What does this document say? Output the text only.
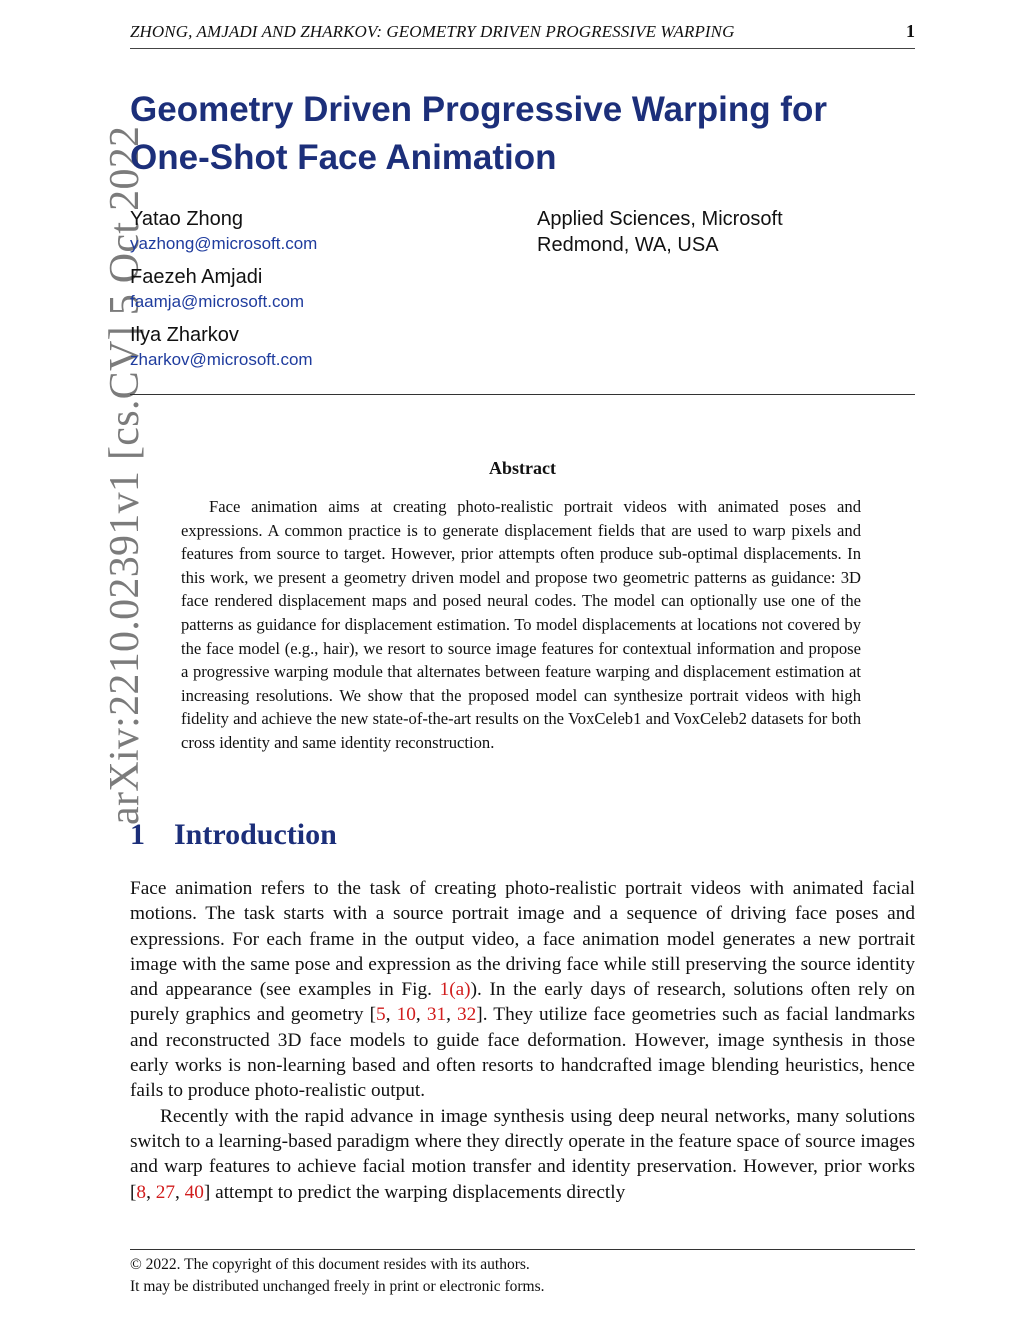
ZHONG, AMJADI AND ZHARKOV: GEOMETRY DRIVEN PROGRESSIVE WARPING	1
arXiv:2210.02391v1 [cs.CV] 5 Oct 2022
Geometry Driven Progressive Warping for
One-Shot Face Animation
Yatao Zhong
yazhong@microsoft.com
Faezeh Amjadi
faamja@microsoft.com
Ilya Zharkov
zharkov@microsoft.com
Applied Sciences, Microsoft
Redmond, WA, USA
Abstract
Face animation aims at creating photo-realistic portrait videos with animated poses and expressions. A common practice is to generate displacement fields that are used to warp pixels and features from source to target. However, prior attempts often produce sub-optimal displacements. In this work, we present a geometry driven model and propose two geometric patterns as guidance: 3D face rendered displacement maps and posed neural codes. The model can optionally use one of the patterns as guidance for displacement estimation. To model displacements at locations not covered by the face model (e.g., hair), we resort to source image features for contextual information and propose a progressive warping module that alternates between feature warping and displacement estimation at increasing resolutions. We show that the proposed model can synthesize portrait videos with high fidelity and achieve the new state-of-the-art results on the VoxCeleb1 and VoxCeleb2 datasets for both cross identity and same identity reconstruction.
1 Introduction

Face animation refers to the task of creating photo-realistic portrait videos with animated facial motions. The task starts with a source portrait image and a sequence of driving face poses and expressions. For each frame in the output video, a face animation model generates a new portrait image with the same pose and expression as the driving face while still preserving the source identity and appearance (see examples in Fig. 1(a)). In the early days of research, solutions often rely on purely graphics and geometry [5, 10, 31, 32]. They utilize face geometries such as facial landmarks and reconstructed 3D face models to guide face deformation. However, image synthesis in those early works is non-learning based and often resorts to handcrafted image blending heuristics, hence fails to produce photo-realistic output.

Recently with the rapid advance in image synthesis using deep neural networks, many solutions switch to a learning-based paradigm where they directly operate in the feature space of source images and warp features to achieve facial motion transfer and identity preservation. However, prior works [8, 27, 40] attempt to predict the warping displacements directly

© 2022. The copyright of this document resides with its authors.
It may be distributed unchanged freely in print or electronic forms.
